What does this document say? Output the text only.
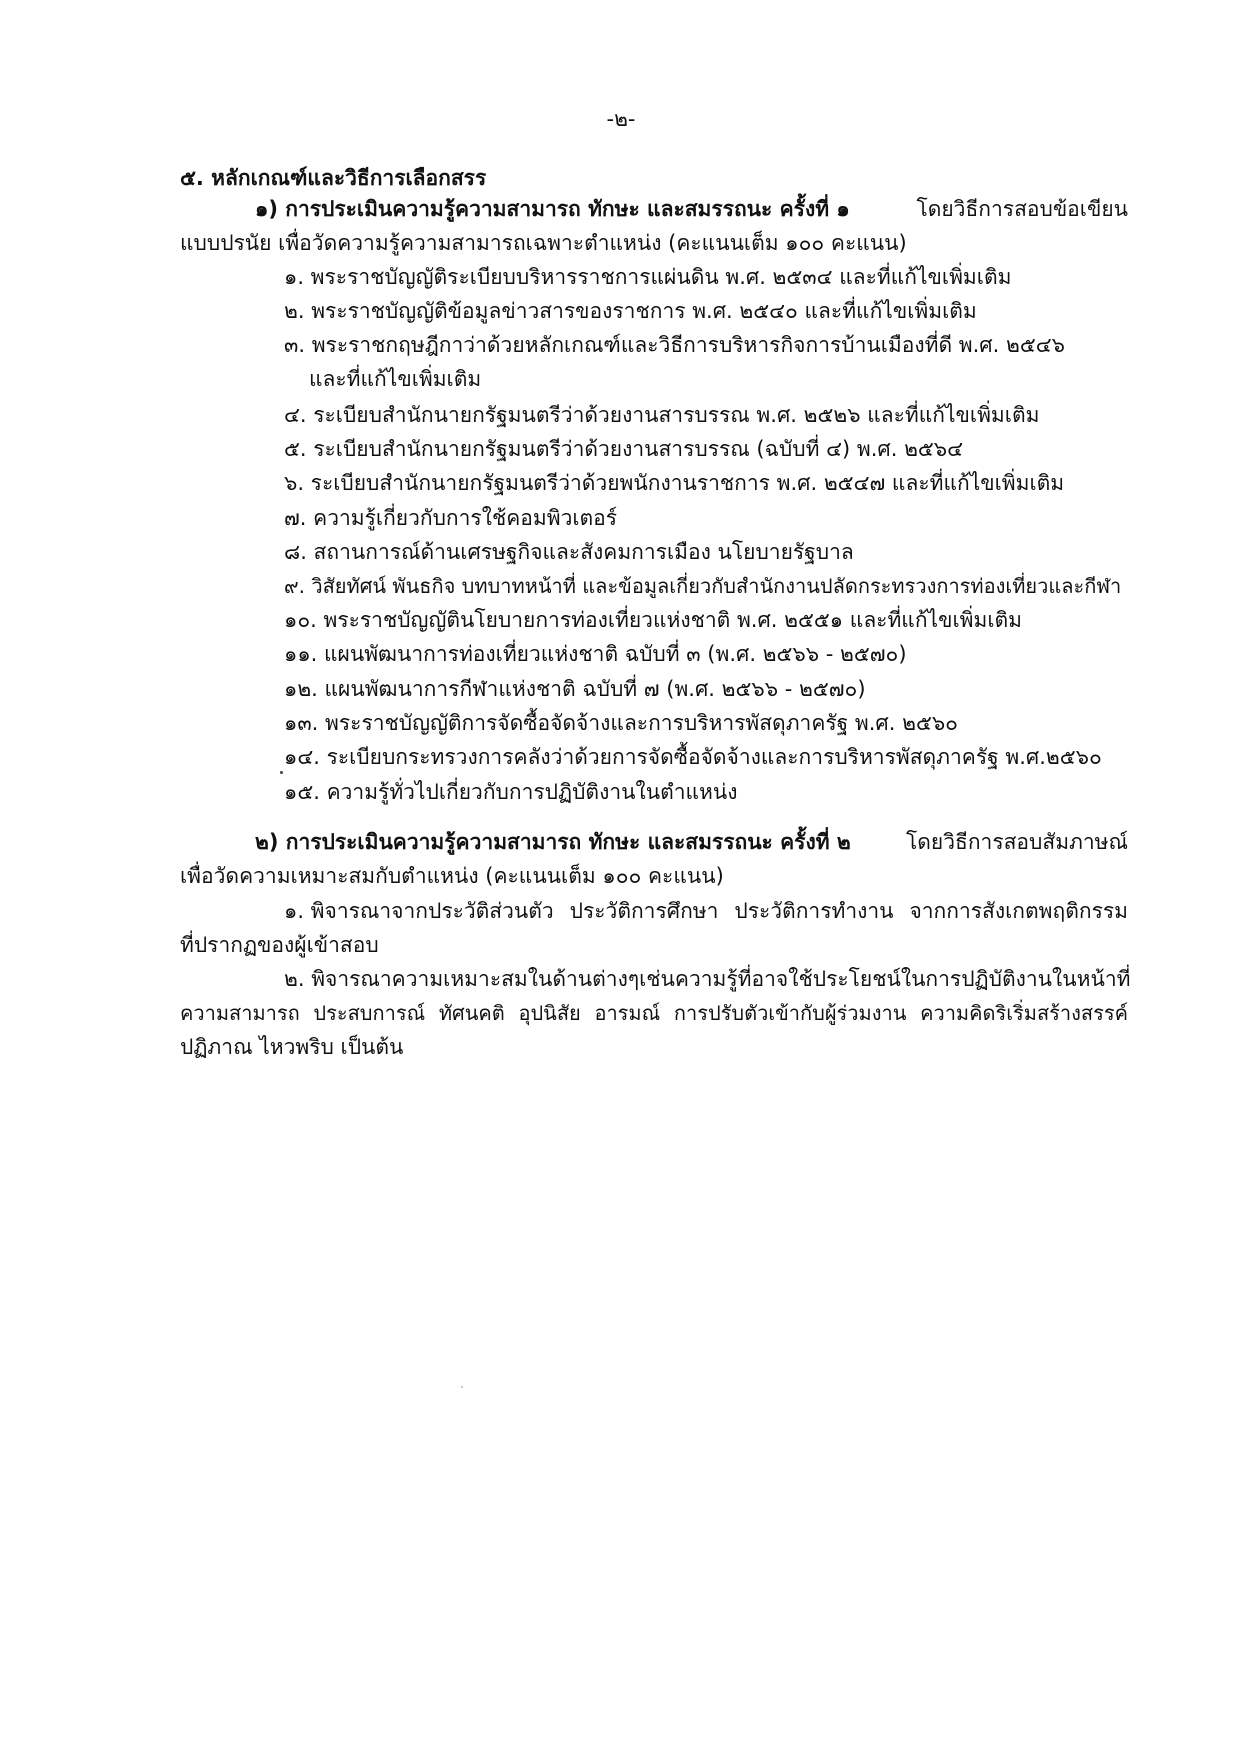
-๒-
๕. หลักเกณฑ์และวิธีการเลือกสรร
๑) การประเมินความรู้ความสามารถ ทักษะ และสมรรถนะ ครั้งที่ ๑	โดยวิธีการสอบข้อเขียน
แบบปรนัย เพื่อวัดความรู้ความสามารถเฉพาะตำแหน่ง (คะแนนเต็ม ๑๐๐ คะแนน)
๑. พระราชบัญญัติระเบียบบริหารราชการแผ่นดิน พ.ศ. ๒๕๓๔ และที่แก้ไขเพิ่มเติม
๒. พระราชบัญญัติข้อมูลข่าวสารของราชการ พ.ศ. ๒๕๔๐ และที่แก้ไขเพิ่มเติม
๓. พระราชกฤษฎีกาว่าด้วยหลักเกณฑ์และวิธีการบริหารกิจการบ้านเมืองที่ดี พ.ศ. ๒๕๔๖
และที่แก้ไขเพิ่มเติม
๔. ระเบียบสำนักนายกรัฐมนตรีว่าด้วยงานสารบรรณ พ.ศ. ๒๕๒๖ และที่แก้ไขเพิ่มเติม
๕. ระเบียบสำนักนายกรัฐมนตรีว่าด้วยงานสารบรรณ (ฉบับที่ ๔) พ.ศ. ๒๕๖๔
๖. ระเบียบสำนักนายกรัฐมนตรีว่าด้วยพนักงานราชการ พ.ศ. ๒๕๔๗ และที่แก้ไขเพิ่มเติม
๗. ความรู้เกี่ยวกับการใช้คอมพิวเตอร์
๘. สถานการณ์ด้านเศรษฐกิจและสังคมการเมือง นโยบายรัฐบาล
๙. วิสัยทัศน์ พันธกิจ บทบาทหน้าที่ และข้อมูลเกี่ยวกับสำนักงานปลัดกระทรวงการท่องเที่ยวและกีฬา
๑๐. พระราชบัญญัตินโยบายการท่องเที่ยวแห่งชาติ พ.ศ. ๒๕๕๑ และที่แก้ไขเพิ่มเติม
๑๑. แผนพัฒนาการท่องเที่ยวแห่งชาติ ฉบับที่ ๓ (พ.ศ. ๒๕๖๖ - ๒๕๗๐)
๑๒. แผนพัฒนาการกีฬาแห่งชาติ ฉบับที่ ๗ (พ.ศ. ๒๕๖๖ - ๒๕๗๐)
๑๓. พระราชบัญญัติการจัดซื้อจัดจ้างและการบริหารพัสดุภาครัฐ พ.ศ. ๒๕๖๐
๑๔. ระเบียบกระทรวงการคลังว่าด้วยการจัดซื้อจัดจ้างและการบริหารพัสดุภาครัฐ พ.ศ.๒๕๖๐
๑๕. ความรู้ทั่วไปเกี่ยวกับการปฏิบัติงานในตำแหน่ง
๒) การประเมินความรู้ความสามารถ ทักษะ และสมรรถนะ ครั้งที่ ๒	โดยวิธีการสอบสัมภาษณ์
เพื่อวัดความเหมาะสมกับตำแหน่ง (คะแนนเต็ม ๑๐๐ คะแนน)
๑. พิจารณาจากประวัติส่วนตัว ประวัติการศึกษา ประวัติการทำงาน จากการสังเกตพฤติกรรม
ที่ปรากฏของผู้เข้าสอบ
๒. พิจารณาความเหมาะสมในด้านต่างๆ เช่น ความรู้ที่อาจใช้ประโยชน์ในการปฏิบัติงานในหน้าที่
ความสามารถ ประสบการณ์ ทัศนคติ อุปนิสัย อารมณ์ การปรับตัวเข้ากับผู้ร่วมงาน ความคิดริเริ่มสร้างสรรค์
ปฏิภาณ ไหวพริบ เป็นต้น
